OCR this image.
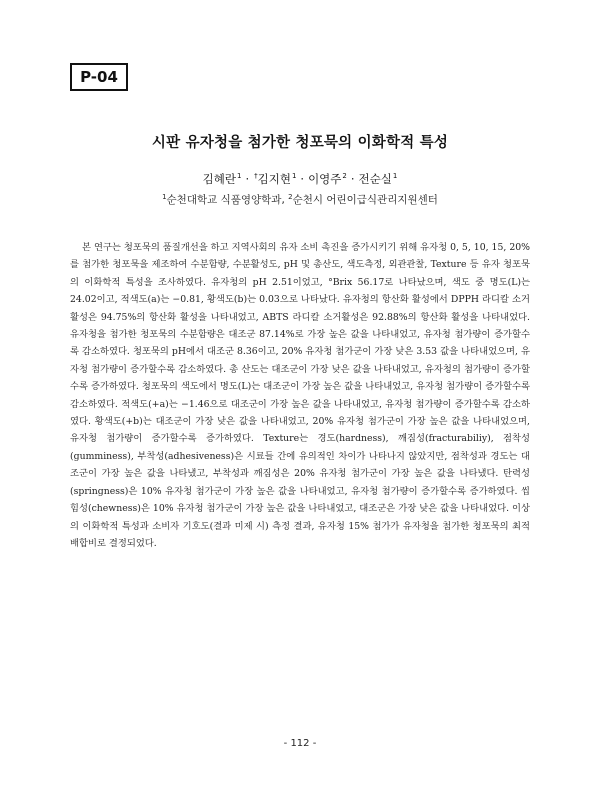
P-04
시판 유자청을 첨가한 청포묵의 이화학적 특성
김혜란$^1$ · †김지현$^1$ · 이영주$^2$ · 전순실$^1$
$^1$순천대학교 식품영양학과, $^2$순천시 어린이급식관리지원센터

본 연구는 청포묵의 품질개선을 하고 지역사회의 유자 소비 촉진을 증가시키기 위해 유자청 0, 5, 10, 15, 20%를 첨가한 청포묵을 제조하여 수분함량, 수분활성도, pH 및 총산도, 색도측정, 외관관찰, Texture 등 유자 청포묵의 이화학적 특성을 조사하였다. 유자청의 pH 2.51이었고, °Brix 56.17로 나타났으며, 색도 중 명도(L)는 24.02이고, 적색도(a)는 −0.81, 황색도(b)는 0.03으로 나타났다. 유자청의 항산화 활성에서 DPPH 라디칼 소거활성은 94.75%의 항산화 활성을 나타내었고, ABTS 라디칼 소거활성은 92.88%의 항산화 활성을 나타내었다. 유자청을 첨가한 청포묵의 수분함량은 대조군 87.14%로 가장 높은 값을 나타내었고, 유자청 첨가량이 증가할수록 감소하였다. 청포묵의 pH에서 대조군 8.36이고, 20% 유자청 첨가군이 가장 낮은 3.53 값을 나타내었으며, 유자청 첨가량이 증가할수록 감소하였다. 총 산도는 대조군이 가장 낮은 값을 나타내었고, 유자청의 첨가량이 증가할수록 증가하였다. 청포묵의 색도에서 명도(L)는 대조군이 가장 높은 값을 나타내었고, 유자청 첨가량이 증가할수록 감소하였다. 적색도(+a)는 −1.46으로 대조군이 가장 높은 값을 나타내었고, 유자청 첨가량이 증가할수록 감소하였다. 황색도(+b)는 대조군이 가장 낮은 값을 나타내었고, 20% 유자청 첨가군이 가장 높은 값을 나타내었으며, 유자청 첨가량이 증가할수록 증가하였다. Texture는 경도(hardness), 깨짐성(fracturabiliy), 점착성(gumminess), 부착성(adhesiveness)은 시료들 간에 유의적인 차이가 나타나지 않았지만, 점착성과 경도는 대조군이 가장 높은 값을 나타냈고, 부착성과 깨짐성은 20% 유자청 첨가군이 가장 높은 값을 나타냈다. 탄력성(springness)은 10% 유자청 첨가군이 가장 높은 값을 나타내었고, 유자청 첨가량이 증가할수록 증가하였다. 씹힘성(chewness)은 10% 유자청 첨가군이 가장 높은 값을 나타내었고, 대조군은 가장 낮은 값을 나타내었다. 이상의 이화학적 특성과 소비자 기호도(결과 미제 시) 측정 결과, 유자청 15% 첨가가 유자청을 첨가한 청포묵의 최적배합비로 결정되었다.

- 112 -
